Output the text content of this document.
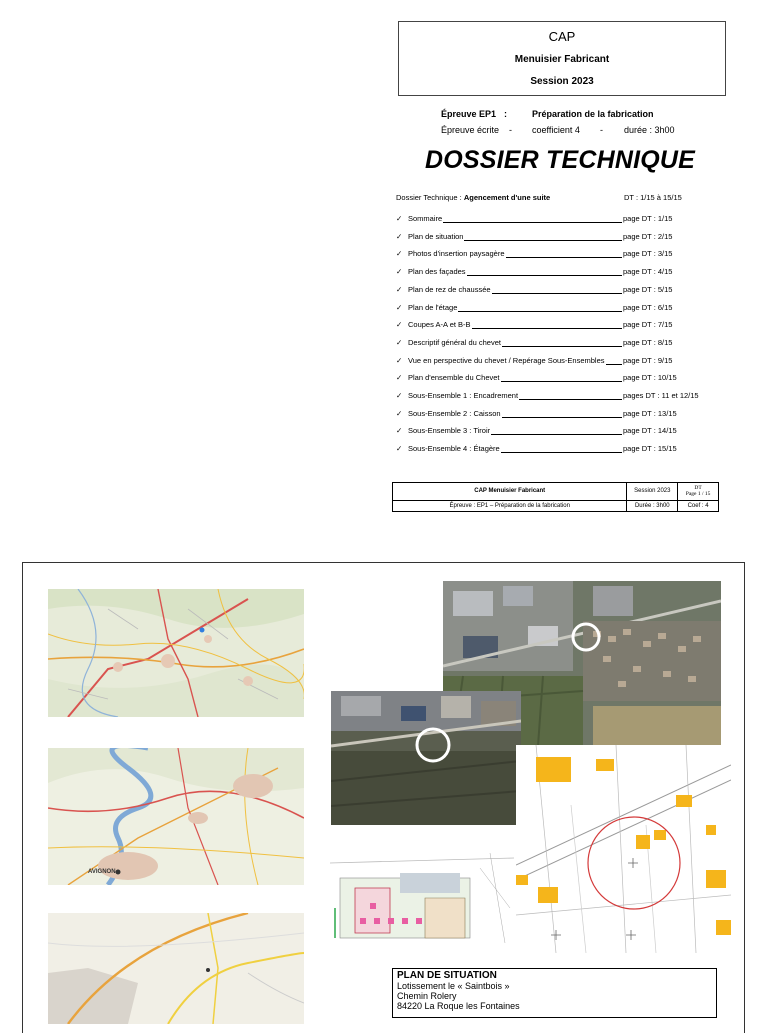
CAP
Menuisier Fabricant
Session 2023
Épreuve EP1 :	Préparation de la fabrication
Épreuve écrite - coefficient 4 - durée : 3h00
DOSSIER TECHNIQUE
Dossier Technique : Agencement d'une suite	DT : 1/15 à 15/15
✓ Sommaire	page DT : 1/15
✓ Plan de situation	page DT : 2/15
✓ Photos d'insertion paysagère	page DT : 3/15
✓ Plan des façades	page DT : 4/15
✓ Plan de rez de chaussée	page DT : 5/15
✓ Plan de l'étage	page DT : 6/15
✓ Coupes A-A et B-B	page DT : 7/15
✓ Descriptif général du chevet	page DT : 8/15
✓ Vue en perspective du chevet / Repérage Sous-Ensembles page DT : 9/15
✓ Plan d'ensemble du Chevet	page DT : 10/15
✓ Sous-Ensemble 1 : Encadrement	pages DT : 11 et 12/15
✓ Sous-Ensemble 2 : Caisson	page DT : 13/15
✓ Sous-Ensemble 3 : Tiroir	page DT : 14/15
✓ Sous-Ensemble 4 : Étagère	page DT : 15/15
CAP Menuisier Fabricant	Session 2023	DT
Page 1 / 15

Épreuve : EP1 – Préparation de la fabrication	Durée : 3h00	Coef : 4
AVIGNON
PLAN DE SITUATION
Lotissement le « Saintbois »
Chemin Rolery
84220 La Roque les Fontaines
